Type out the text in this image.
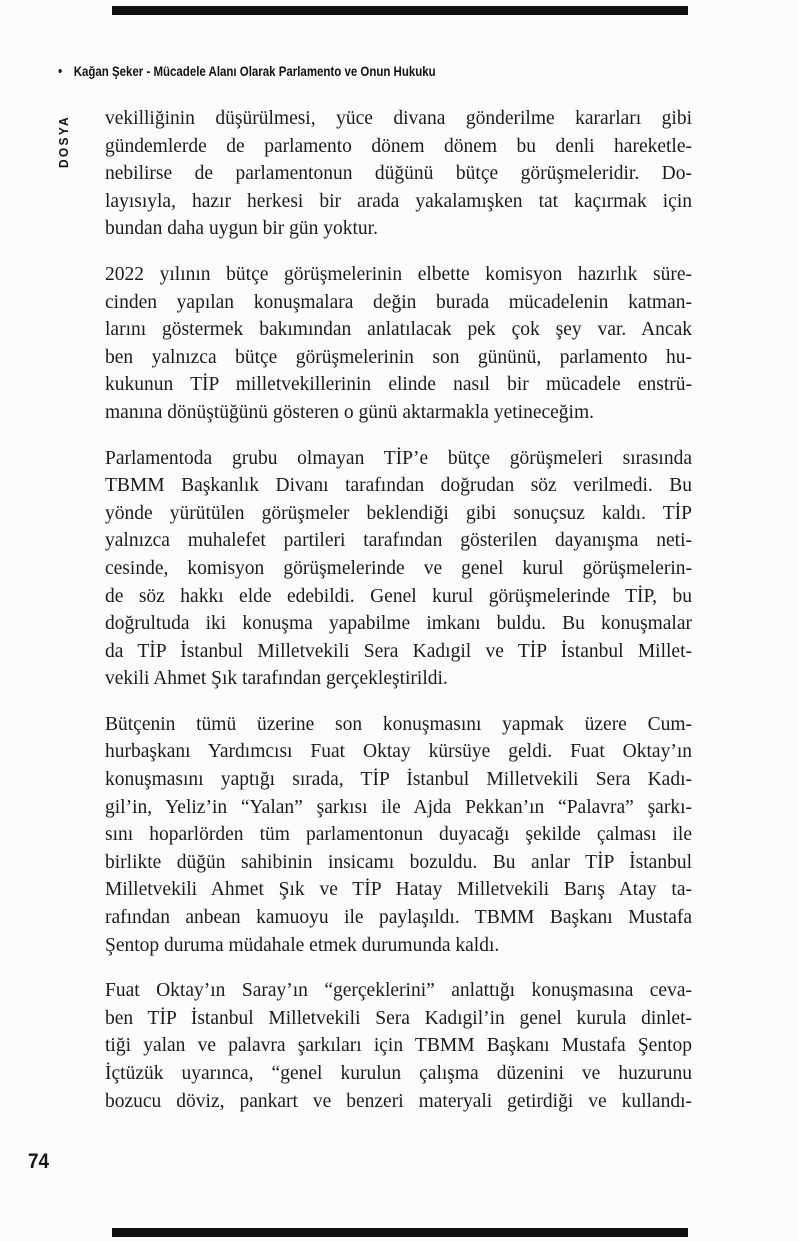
• Kağan Şeker - Mücadele Alanı Olarak Parlamento ve Onun Hukuku
DOSYA vekilliğinin düşürülmesi, yüce divana gönderilme kararları gibi
gündemlerde de parlamento dönem dönem bu denli hareketle-
nebilirse de parlamentonun düğünü bütçe görüşmeleridir. Do-
layısıyla, hazır herkesi bir arada yakalamışken tat kaçırmak için
bundan daha uygun bir gün yoktur.
2022 yılının bütçe görüşmelerinin elbette komisyon hazırlık süre-
cinden yapılan konuşmalara değin burada mücadelenin katman-
larını göstermek bakımından anlatılacak pek çok şey var. Ancak
ben yalnızca bütçe görüşmelerinin son gününü, parlamento hu-
kukunun TİP milletvekillerinin elinde nasıl bir mücadele enstrü-
manına dönüştüğünü gösteren o günü aktarmakla yetineceğim.
Parlamentoda grubu olmayan TİP’e bütçe görüşmeleri sırasında
TBMM Başkanlık Divanı tarafından doğrudan söz verilmedi. Bu
yönde yürütülen görüşmeler beklendiği gibi sonuçsuz kaldı. TİP
yalnızca muhalefet partileri tarafından gösterilen dayanışma neti-
cesinde, komisyon görüşmelerinde ve genel kurul görüşmelerin-
de söz hakkı elde edebildi. Genel kurul görüşmelerinde TİP, bu
doğrultuda iki konuşma yapabilme imkanı buldu. Bu konuşmalar
da TİP İstanbul Milletvekili Sera Kadıgil ve TİP İstanbul Millet-
vekili Ahmet Şık tarafından gerçekleştirildi.
Bütçenin tümü üzerine son konuşmasını yapmak üzere Cum-
hurbaşkanı Yardımcısı Fuat Oktay kürsüye geldi. Fuat Oktay’ın
konuşmasını yaptığı sırada, TİP İstanbul Milletvekili Sera Kadı-
gil’in, Yeliz’in “Yalan” şarkısı ile Ajda Pekkan’ın “Palavra” şarkı-
sını hoparlörden tüm parlamentonun duyacağı şekilde çalması ile
birlikte düğün sahibinin insicamı bozuldu. Bu anlar TİP İstanbul
Milletvekili Ahmet Şık ve TİP Hatay Milletvekili Barış Atay ta-
rafından anbean kamuoyu ile paylaşıldı. TBMM Başkanı Mustafa
Şentop duruma müdahale etmek durumunda kaldı.
Fuat Oktay’ın Saray’ın “gerçeklerini” anlattığı konuşmasına ceva-
ben TİP İstanbul Milletvekili Sera Kadıgil’in genel kurula dinlet-
tiği yalan ve palavra şarkıları için TBMM Başkanı Mustafa Şentop
İçtüzük uyarınca, “genel kurulun çalışma düzenini ve huzurunu
bozucu döviz, pankart ve benzeri materyali getirdiği ve kullandı-
74
